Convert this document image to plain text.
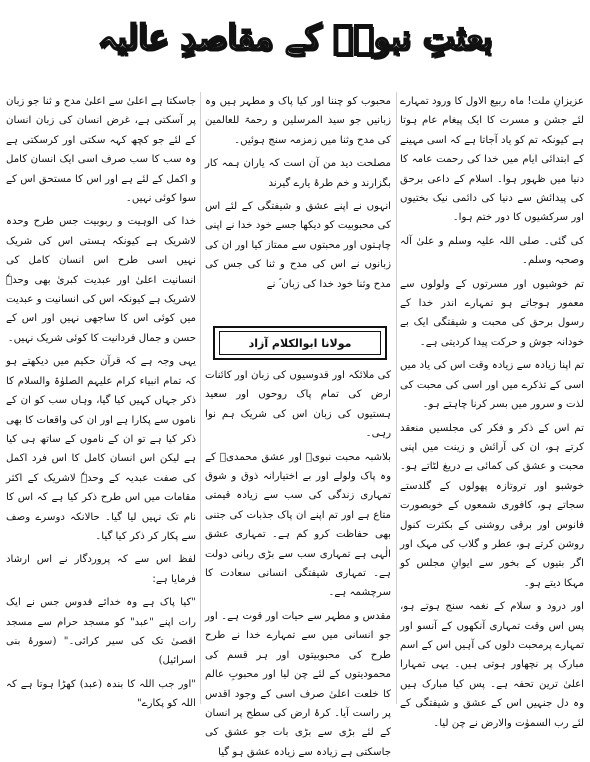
بعثتِ نبویؐ کے مقاصدِ عالیہ

عزیزانِ ملت! ماہ ربیع الاول کا ورود تمہارے لئے جشن و مسرت کا ایک پیغام عام ہوتا ہے کیونکہ تم کو یاد آجاتا ہے کہ اسی مہینے کے ابتدائی ایام میں خدا کی رحمت عامہ کا دنیا میں ظہور ہوا۔ اسلام کے داعی برحق کی پیدائش سے دنیا کی دائمی نیک بختیوں اور سرکشیوں کا دور ختم ہوا۔

کی گئی۔ صلی اللہ علیہ وسلم و علیٰ آلہ وصحبہ وسلم۔

تم خوشیوں اور مسرتوں کے ولولوں سے معمور ہوجاتے ہو تمہارے اندر خدا کے رسول برحق کی محبت و شیفتگی ایک بے خودانہ جوش و حرکت پیدا کردیتی ہے۔

تم اپنا زیادہ سے زیادہ وقت اس کی یاد میں اسی کے تذکرے میں اور اسی کی محبت کی لذت و سرور میں بسر کرنا چاہتے ہو۔

تم اس کے ذکر و فکر کی مجلسیں منعقد کرتے ہو، ان کی آرائش و زینت میں اپنی محبت و عشق کی کمائی بے دریغ لٹاتے ہو۔ خوشبو اور تروتازہ پھولوں کے گلدستے سجاتے ہو، کافوری شمعوں کے خوبصورت فانوس اور برقی روشنی کے بکثرت کنول روشن کرتے ہو، عطر و گلاب کی مہک اور اگر بتیوں کے بخور سے ایوانِ مجلس کو مہکا دیتے ہو۔

اور درود و سلام کے نغمہ سنج ہوتے ہو، پس اس وقت تمہاری آنکھوں کے آنسو اور تمہارے پرمحبت دلوں کی آہیں اس کے اسم مبارک پر نچھاور ہوتی ہیں۔ یہی تمہارا اعلیٰ ترین تحفہ ہے۔ پس کیا مبارک ہیں وہ دل جنہیں اس کے عشق و شیفتگی کے لئے رب السموٰت والارض نے چن لیا۔

محبوب کو چننا اور کیا پاک و مطہر ہیں وہ زبانیں جو سید المرسلین و رحمۃ للعالمین کی مدح وثنا میں زمزمہ سنج ہوئیں۔

مصلحت دید من آن است کہ یاران ہمہ کار بگزارند و خم طرۂ یارے گیرند

انہوں نے اپنے عشق و شیفتگی کے لئے اس کی محبوبیت کو دیکھا جسے خود خدا نے اپنی چاہتوں اور محبتوں سے ممتاز کیا اور ان کی زبانوں نے اس کی مدح و ثنا کی جس کی مدح وثنا خود خدا کی زبان ؐ نے

کی ملائکہ اور قدوسیوں کی زبان اور کائنات ارض کی تمام پاک روحوں اور سعید ہستیوں کی زبان اس کی شریک ہم نوا رہی۔

بلاشبہ محبت نبویؐ اور عشق محمدیؐ کے وہ پاک ولولے اور بے اختیارانہ ذوق و شوق تمہاری زندگی کی سب سے زیادہ قیمتی متاع ہے اور تم اپنے ان پاک جذبات کی جتنی بھی حفاظت کرو کم ہے۔ تمہاری عشق الٰہی ہے تمہاری سب سے بڑی ربانی دولت ہے۔ تمہاری شیفتگی انسانی سعادت کا سرچشمہ ہے۔

مقدس و مطہر سے حیات اور قوت ہے۔ اور جو انسانی میں سے تمہارے خدا نے طرح طرح کی محبوبیتوں اور ہر قسم کی محمودیتوں کے لئے چن لیا اور محبوبِ عالم کا خلعت اعلیٰ صرف اسی کے وجود اقدس پر راست آیا۔ کرۂ ارض کی سطح پر انسان کے لئے بڑی سے بڑی بات جو عشق کی جاسکتی ہے زیادہ سے زیادہ عشق ہو گیا

مولانا ابوالکلام آزاد

جاسکتا ہے اعلیٰ سے اعلیٰ مدح و ثنا جو زبان پر آسکتی ہے، غرض انسان کی زبان انسان کے لئے جو کچھ کہہ سکتی اور کرسکتی ہے وہ سب کا سب صرف اسی ایک انسان کامل و اکمل کے لئے ہے اور اس کا مستحق اس کے سوا کوئی نہیں۔

خدا کی الوہیت و ربوبیت جس طرح وحدہ لاشریک ہے کیونکہ ہستی اس کی شریک نہیں اسی طرح اس انسان کامل کی انسانیت اعلیٰ اور عبدیت کبریٰ بھی وحدہٗ لاشریک ہے کیونکہ اس کی انسانیت و عبدیت میں کوئی اس کا ساجھی نہیں اور اس کے حسن و جمال فردانیت کا کوئی شریک نہیں۔

یہی وجہ ہے کہ قرآن حکیم میں دیکھتے ہو کہ تمام انبیاء کرام علیہم الصلوٰۃ والسلام کا ذکر جہاں کہیں کیا گیا، وہاں سب کو ان کے ناموں سے پکارا ہے اور ان کی واقعات کا بھی ذکر کیا ہے تو ان کے ناموں کے ساتھ ہی کیا ہے لیکن اس انسان کامل کا اس فرد اکمل کی صفت عبدیہ کے وحدہٗ لاشریک کے اکثر مقامات میں اس طرح ذکر کیا ہے کہ اس کا نام تک نہیں لیا گیا۔ حالانکہ دوسرے وصف سے پکار کر ذکر کیا گیا۔

لفظ اس سے کہ پروردگار نے اس ارشاد فرمایا ہے:

"کیا پاک ہے وہ خدائے قدوس جس نے ایک رات اپنے "عبد" کو مسجد حرام سے مسجد اقصیٰ تک کی سیر کرائی۔" (سورۂ بنی اسرائیل)

"اور جب اللہ کا بندہ (عبد) کھڑا ہوتا ہے کہ اللہ کو پکارے"
